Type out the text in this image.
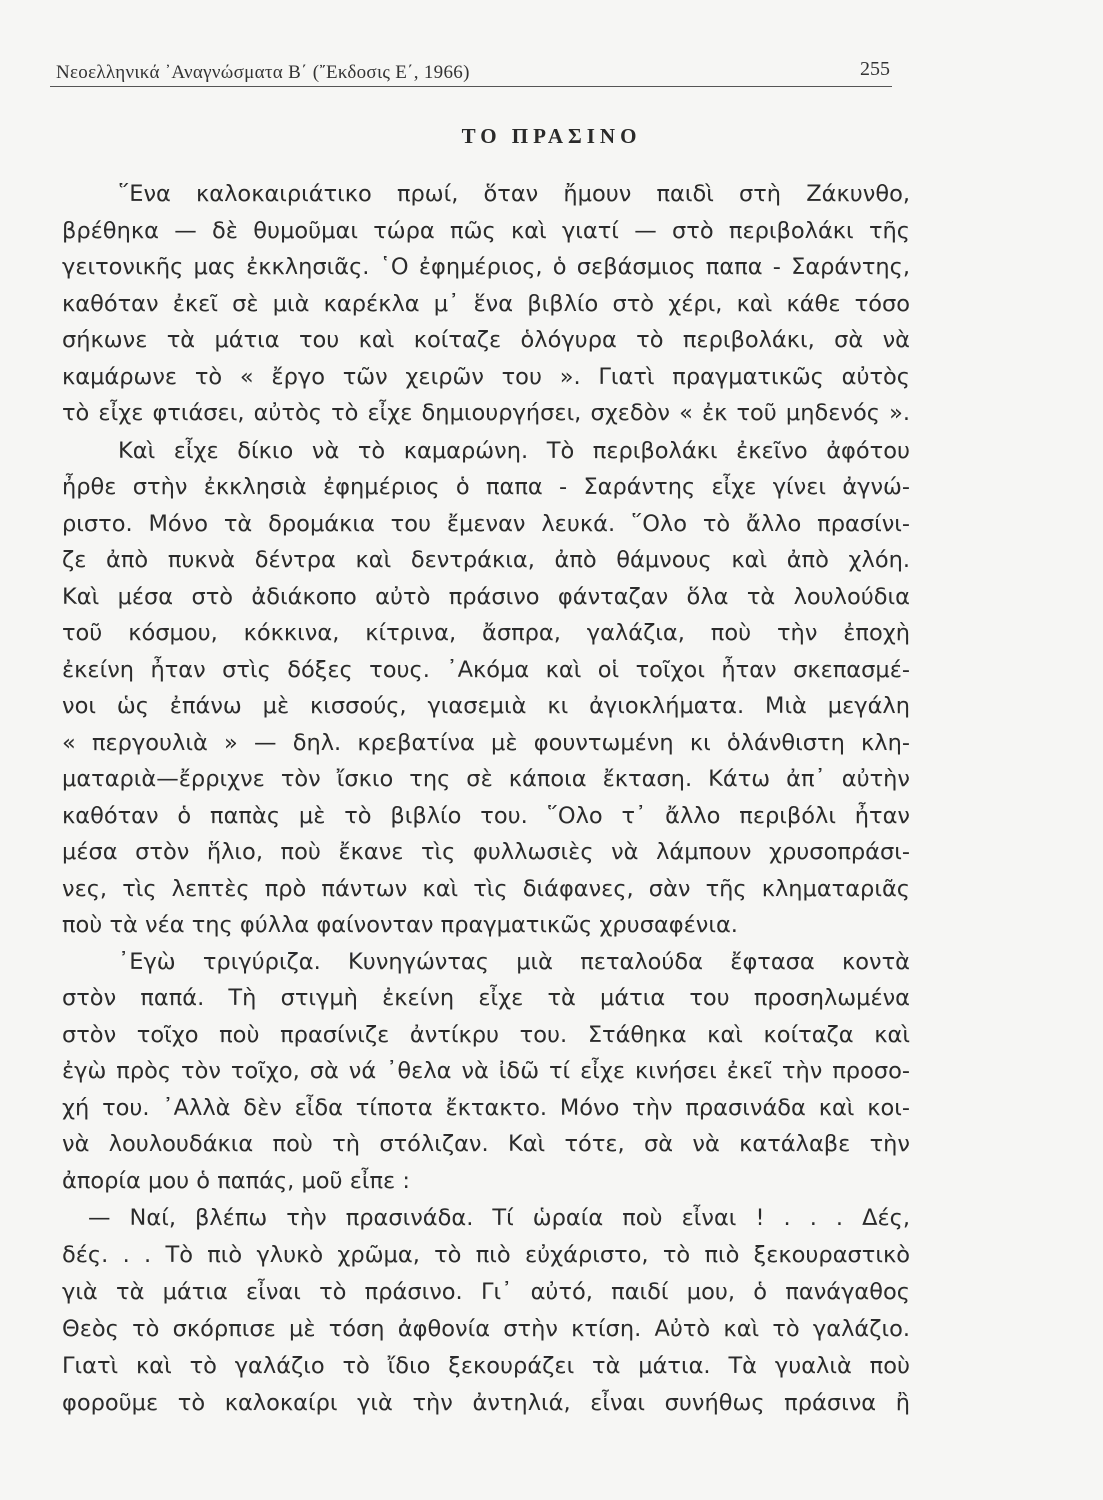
Νεοελληνικά ᾿Αναγνώσματα Β΄ (῎Εκδοσις Ε΄, 1966)	255
ΤΟ ΠΡΑΣΙΝΟ
῞Ενα καλοκαιριάτικο πρωί, ὅταν ἤμουν παιδὶ στὴ Ζάκυνθο,
βρέθηκα — δὲ θυμοῦμαι τώρα πῶς καὶ γιατί — στὸ περιβολάκι τῆς
γειτονικῆς μας ἐκκλησιᾶς. ῾Ο ἐφημέριος, ὁ σεβάσμιος παπα - Σαράντης,
καθόταν ἐκεῖ σὲ μιὰ καρέκλα μ᾿ ἕνα βιβλίο στὸ χέρι, καὶ κάθε τόσο
σήκωνε τὰ μάτια του καὶ κοίταζε ὁλόγυρα τὸ περιβολάκι, σὰ νὰ
καμάρωνε τὸ « ἔργο τῶν χειρῶν του ». Γιατὶ πραγματικῶς αὐτὸς
τὸ εἶχε φτιάσει, αὐτὸς τὸ εἶχε δημιουργήσει, σχεδὸν « ἐκ τοῦ μηδενός ».
Καὶ εἶχε δίκιο νὰ τὸ καμαρώνη. Τὸ περιβολάκι ἐκεῖνο ἀφότου
ἦρθε στὴν ἐκκλησιὰ ἐφημέριος ὁ παπα - Σαράντης εἶχε γίνει ἀγνώ-
ριστο. Μόνο τὰ δρομάκια του ἔμεναν λευκά. ῞Ολο τὸ ἄλλο πρασίνι-
ζε ἀπὸ πυκνὰ δέντρα καὶ δεντράκια, ἀπὸ θάμνους καὶ ἀπὸ χλόη.
Καὶ μέσα στὸ ἀδιάκοπο αὐτὸ πράσινο φάνταζαν ὅλα τὰ λουλούδια
τοῦ κόσμου, κόκκινα, κίτρινα, ἄσπρα, γαλάζια, ποὺ τὴν ἐποχὴ
ἐκείνη ἦταν στὶς δόξες τους. ᾿Ακόμα καὶ οἱ τοῖχοι ἦταν σκεπασμέ-
νοι ὡς ἐπάνω μὲ κισσούς, γιασεμιὰ κι ἀγιοκλήματα. Μιὰ μεγάλη
« περγουλιὰ » — δηλ. κρεβατίνα μὲ φουντωμένη κι ὁλάνθιστη κλη-
ματαριὰ—ἔρριχνε τὸν ἴσκιο της σὲ κάποια ἔκταση. Κάτω ἀπ᾿ αὐτὴν
καθόταν ὁ παπὰς μὲ τὸ βιβλίο του. ῞Ολο τ᾿ ἄλλο περιβόλι ἦταν
μέσα στὸν ἥλιο, ποὺ ἔκανε τὶς φυλλωσιὲς νὰ λάμπουν χρυσοπράσι-
νες, τὶς λεπτὲς πρὸ πάντων καὶ τὶς διάφανες, σὰν τῆς κληματαριᾶς
ποὺ τὰ νέα της φύλλα φαίνονταν πραγματικῶς χρυσαφένια.
᾿Εγὼ τριγύριζα. Κυνηγώντας μιὰ πεταλούδα ἔφτασα κοντὰ
στὸν παπά. Τὴ στιγμὴ ἐκείνη εἶχε τὰ μάτια του προσηλωμένα
στὸν τοῖχο ποὺ πρασίνιζε ἀντίκρυ του. Στάθηκα καὶ κοίταζα καὶ
ἐγὼ πρὸς τὸν τοῖχο, σὰ νά ᾿θελα νὰ ἰδῶ τί εἶχε κινήσει ἐκεῖ τὴν προσο-
χή του. ᾿Αλλὰ δὲν εἶδα τίποτα ἔκτακτο. Μόνο τὴν πρασινάδα καὶ κοι-
νὰ λουλουδάκια ποὺ τὴ στόλιζαν. Καὶ τότε, σὰ νὰ κατάλαβε τὴν
ἀπορία μου ὁ παπάς, μοῦ εἶπε :
— Ναί, βλέπω τὴν πρασινάδα. Τί ὡραία ποὺ εἶναι ! . . . Δές,
δές. . . Τὸ πιὸ γλυκὸ χρῶμα, τὸ πιὸ εὐχάριστο, τὸ πιὸ ξεκουραστικὸ
γιὰ τὰ μάτια εἶναι τὸ πράσινο. Γι᾿ αὐτό, παιδί μου, ὁ πανάγαθος
Θεὸς τὸ σκόρπισε μὲ τόση ἀφθονία στὴν κτίση. Αὐτὸ καὶ τὸ γαλάζιο.
Γιατὶ καὶ τὸ γαλάζιο τὸ ἴδιο ξεκουράζει τὰ μάτια. Τὰ γυαλιὰ ποὺ
φοροῦμε τὸ καλοκαίρι γιὰ τὴν ἀντηλιά, εἶναι συνήθως πράσινα ἢ
